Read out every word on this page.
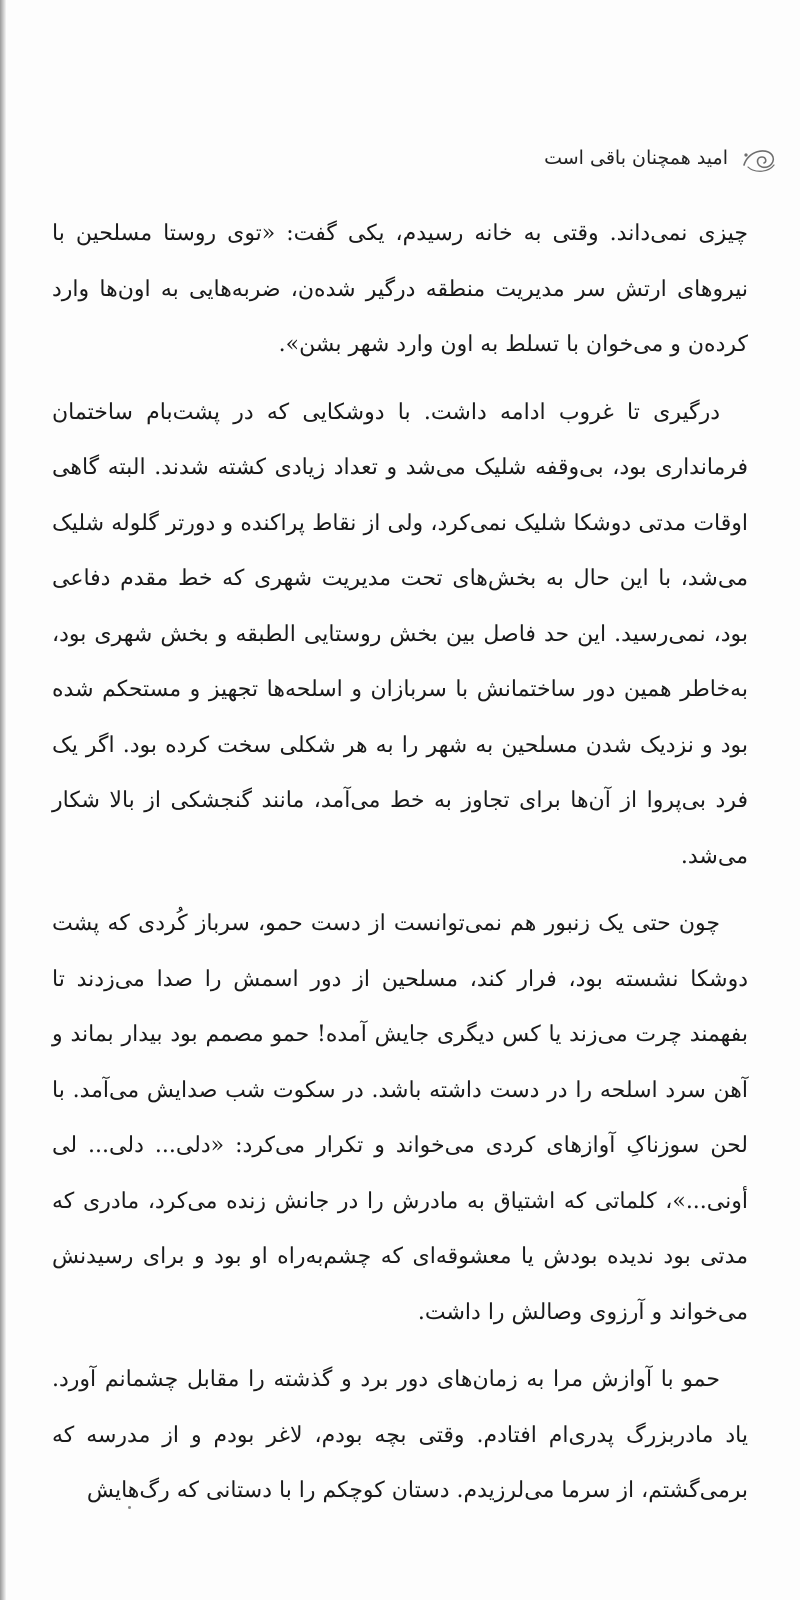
امید همچنان باقی است

چیزی نمی‌داند. وقتی به خانه رسیدم، یکی گفت: «توی روستا مسلحین با نیروهای ارتش سر مدیریت منطقه درگیر شده‌ن، ضربه‌هایی به اون‌ها وارد کرده‌ن و می‌خوان با تسلط به اون وارد شهر بشن».

درگیری تا غروب ادامه داشت. با دوشکایی که در پشت‌بام ساختمان فرمانداری بود، بی‌وقفه شلیک می‌شد و تعداد زیادی کشته شدند. البته گاهی اوقات مدتی دوشکا شلیک نمی‌کرد، ولی از نقاط پراکنده و دورتر گلوله شلیک می‌شد، با این حال به بخش‌های تحت مدیریت شهری که خط مقدم دفاعی بود، نمی‌رسید. این حد فاصل بین بخش روستایی الطبقه و بخش شهری بود، به‌خاطر همین دور ساختمانش با سربازان و اسلحه‌ها تجهیز و مستحکم شده بود و نزدیک شدن مسلحین به شهر را به هر شکلی سخت کرده بود. اگر یک فرد بی‌پروا از آن‌ها برای تجاوز به خط می‌آمد، مانند گنجشکی از بالا شکار می‌شد.

چون حتی یک زنبور هم نمی‌توانست از دست حمو، سرباز کُردی که پشت دوشکا نشسته بود، فرار کند، مسلحین از دور اسمش را صدا می‌زدند تا بفهمند چرت می‌زند یا کس دیگری جایش آمده! حمو مصمم بود بیدار بماند و آهن سرد اسلحه را در دست داشته باشد. در سکوت شب صدایش می‌آمد. با لحن سوزناکِ آوازهای کردی می‌خواند و تکرار می‌کرد: «دلی... دلی... لی أونی...»، کلماتی که اشتیاق به مادرش را در جانش زنده می‌کرد، مادری که مدتی بود ندیده بودش یا معشوقه‌ای که چشم‌به‌راه او بود و برای رسیدنش می‌خواند و آرزوی وصالش را داشت.

حمو با آوازش مرا به زمان‌های دور برد و گذشته را مقابل چشمانم آورد. یاد مادربزرگ پدری‌ام افتادم. وقتی بچه بودم، لاغر بودم و از مدرسه که برمی‌گشتم، از سرما می‌لرزیدم. دستان کوچکم را با دستانی که رگ‌هایش
